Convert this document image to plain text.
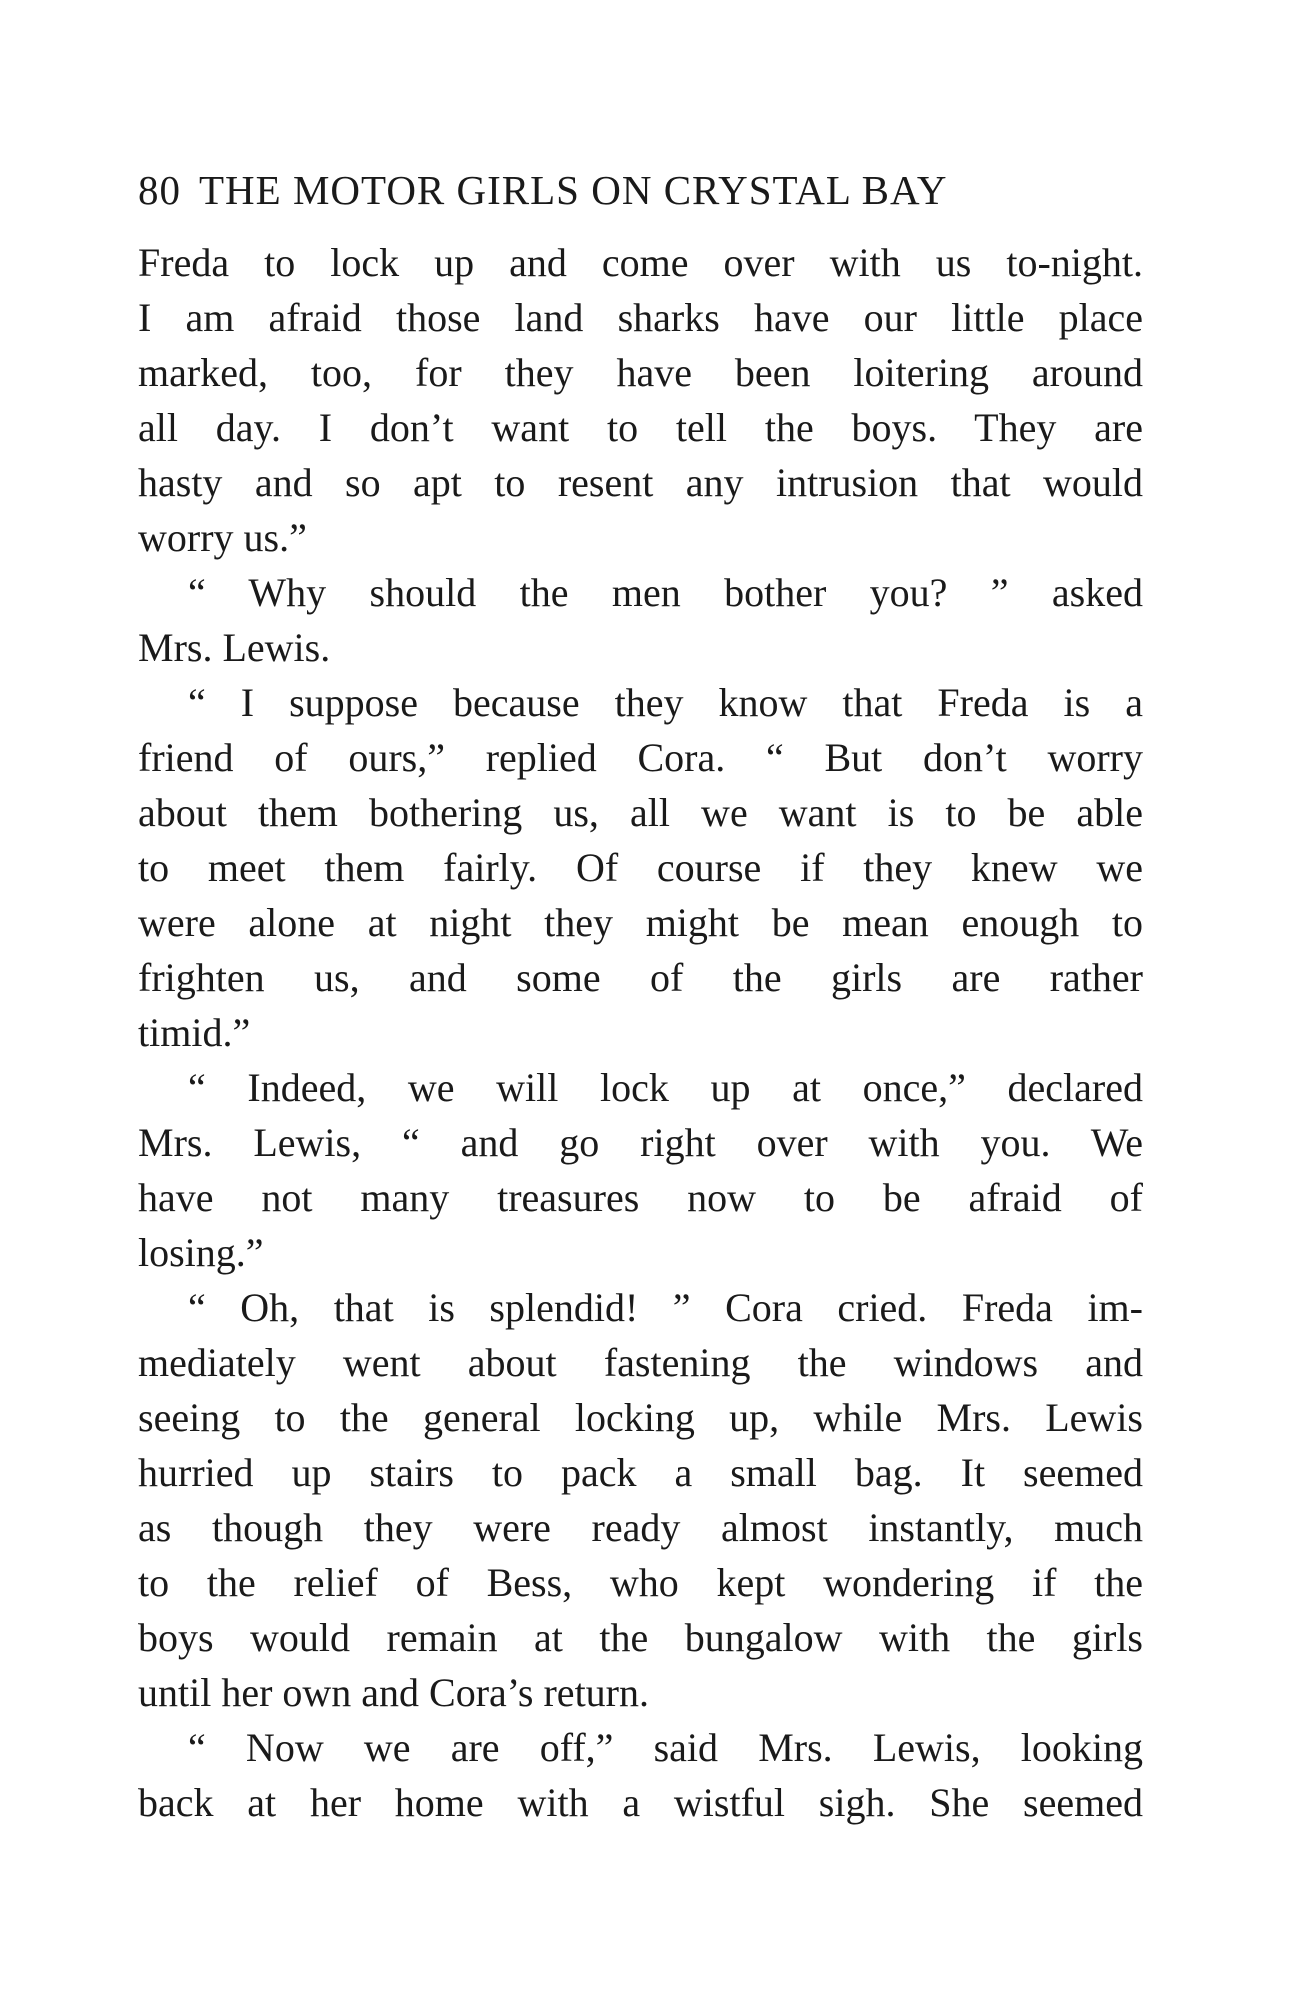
80 THE MOTOR GIRLS ON CRYSTAL BAY
Freda to lock up and come over with us to-night.
I am afraid those land sharks have our little place
marked, too, for they have been loitering around
all day. I don’t want to tell the boys. They are
hasty and so apt to resent any intrusion that would
worry us.”
“ Why should the men bother you? ” asked
Mrs. Lewis.
“ I suppose because they know that Freda is a
friend of ours,” replied Cora. “ But don’t worry
about them bothering us, all we want is to be able
to meet them fairly. Of course if they knew we
were alone at night they might be mean enough to
frighten us, and some of the girls are rather
timid.”
“ Indeed, we will lock up at once,” declared
Mrs. Lewis, “ and go right over with you. We
have not many treasures now to be afraid of
losing.”
“ Oh, that is splendid! ” Cora cried. Freda im-
mediately went about fastening the windows and
seeing to the general locking up, while Mrs. Lewis
hurried up stairs to pack a small bag. It seemed
as though they were ready almost instantly, much
to the relief of Bess, who kept wondering if the
boys would remain at the bungalow with the girls
until her own and Cora’s return.
“ Now we are off,” said Mrs. Lewis, looking
back at her home with a wistful sigh. She seemed
